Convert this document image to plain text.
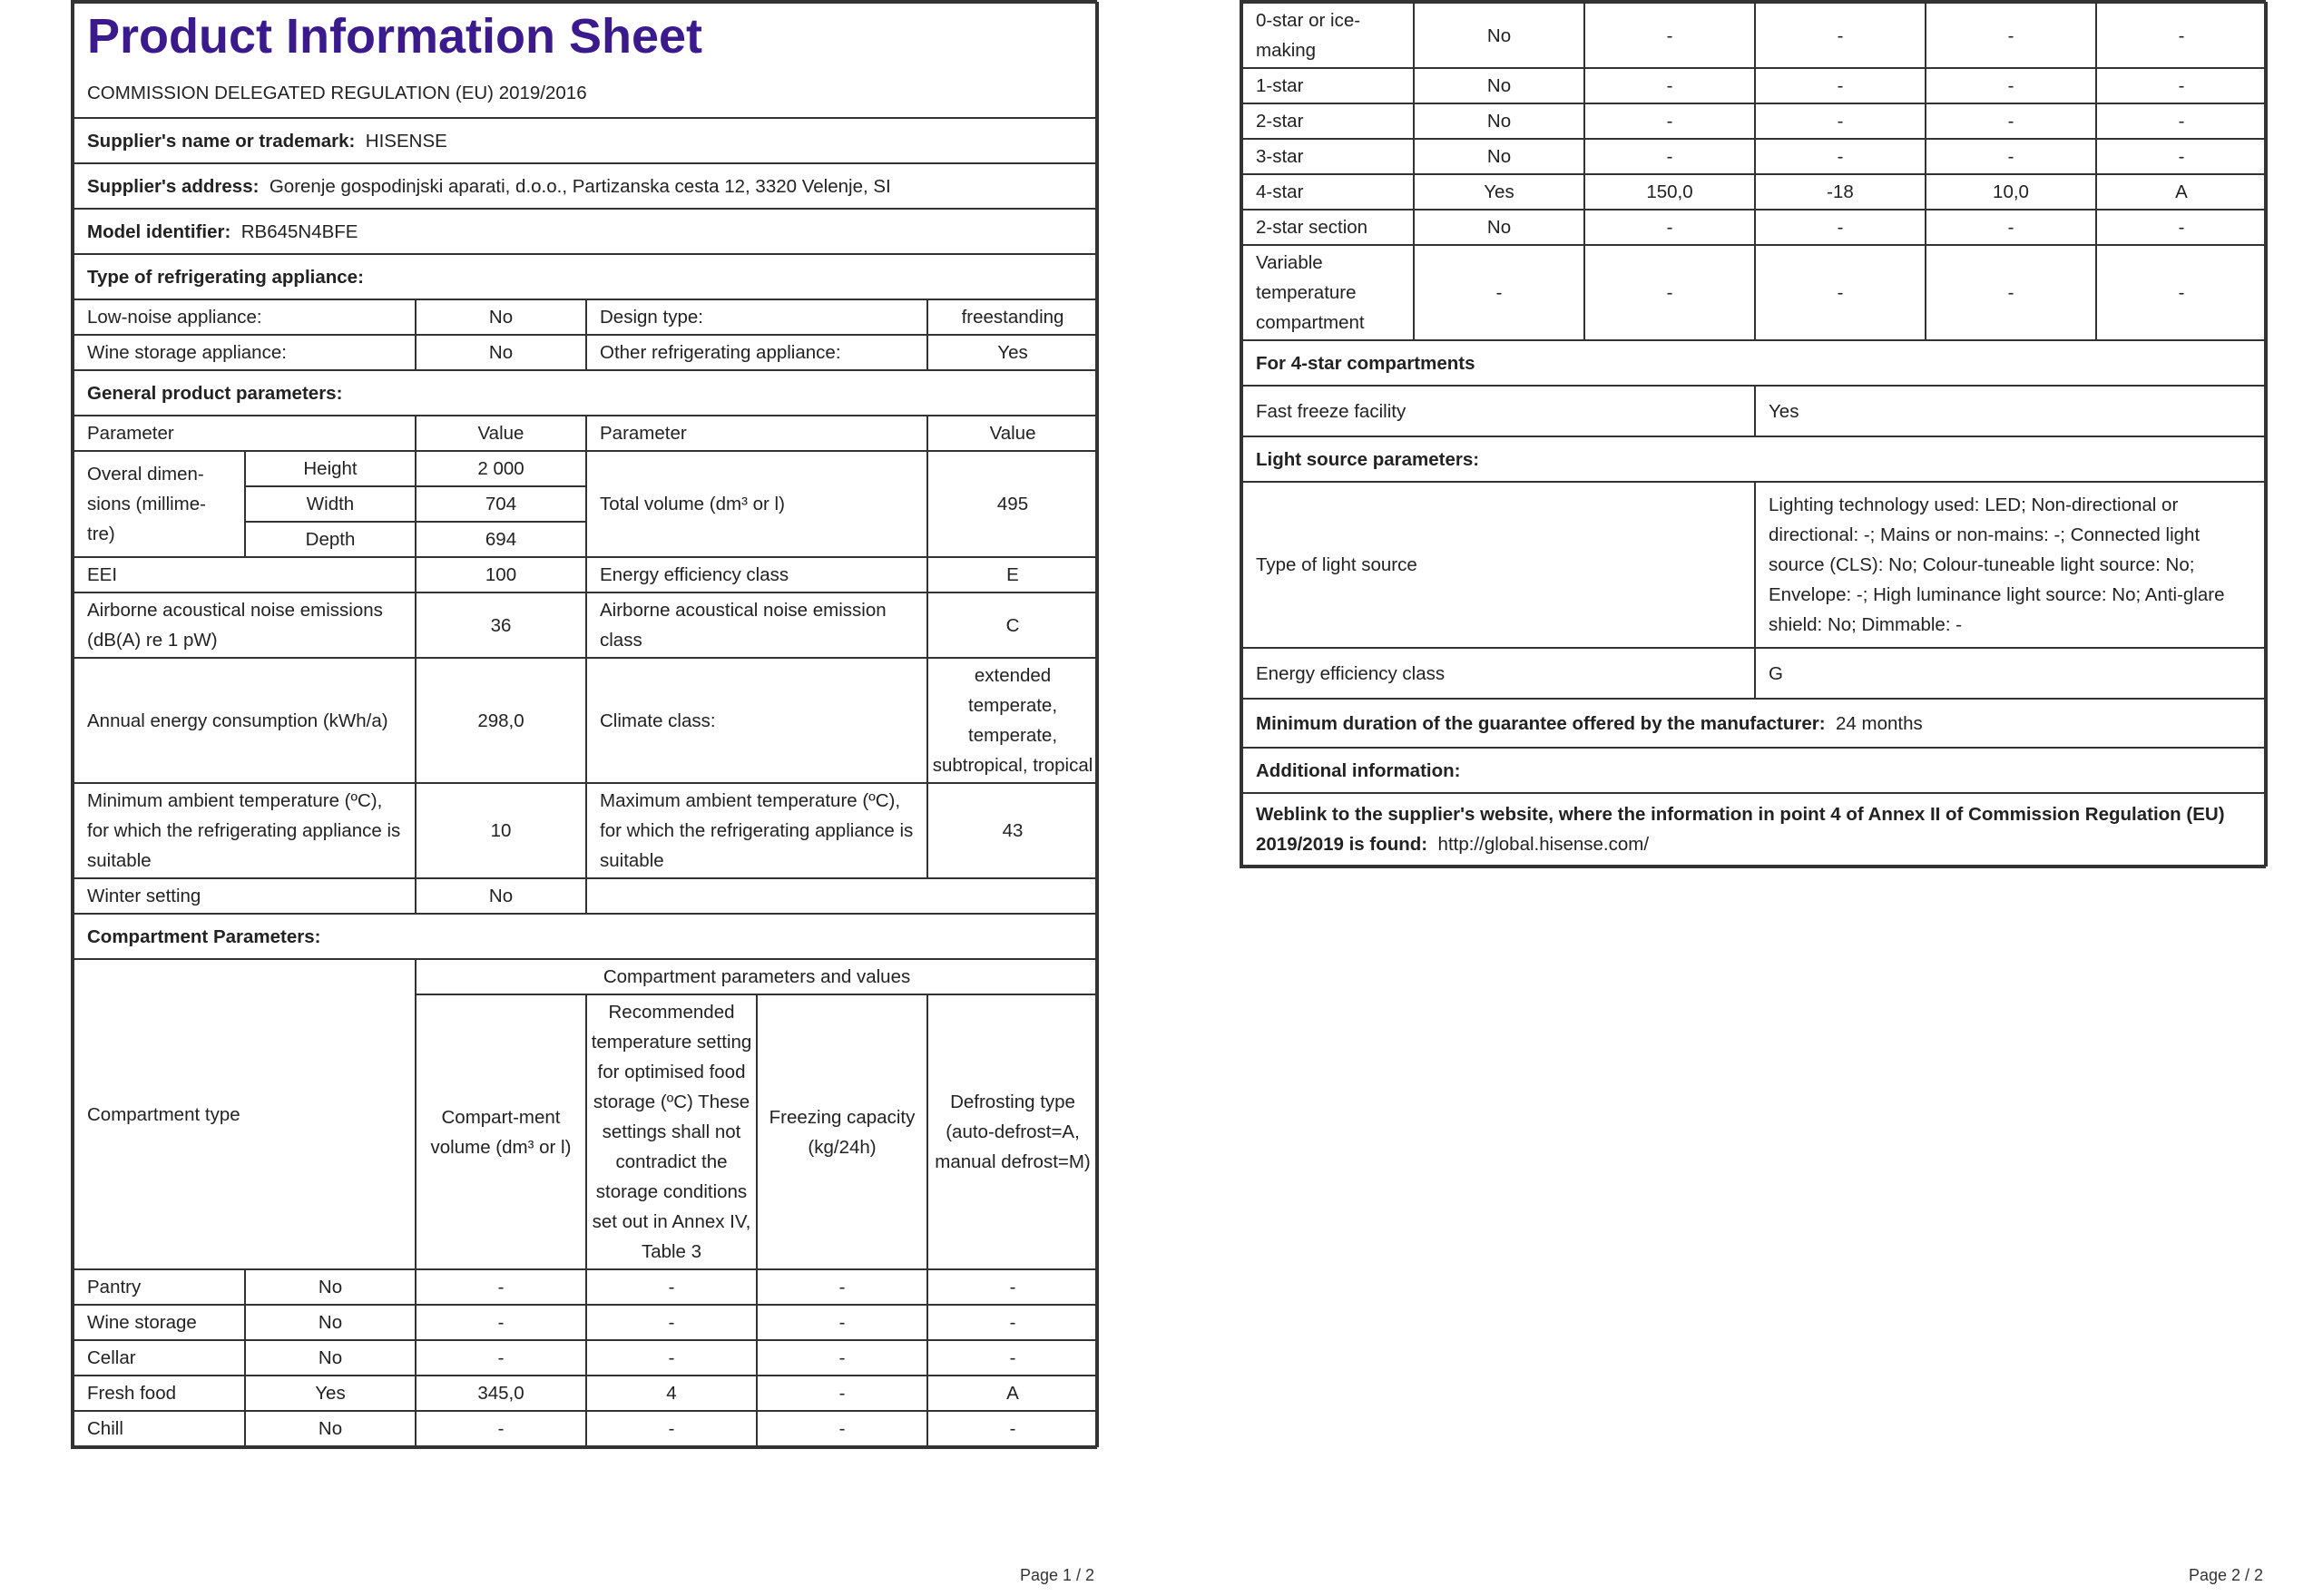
Product Information Sheet
COMMISSION DELEGATED REGULATION (EU) 2019/2016					

Supplier's name or trademark: HISENSE					
Supplier's address: Gorenje gospodinjski aparati, d.o.o., Partizanska cesta 12, 3320 Velenje, SI					
Model identifier: RB645N4BFE					
Type of refrigerating appliance:					
Low-noise appliance:		No	Design type:		freestanding
Wine storage appliance:		No	Other refrigerating appliance:		Yes
General product parameters:					
Parameter		Value	Parameter		Value
Overal dimen-sions (millime-tre)	Height	2 000	Total volume (dm³ or l)		495
	Width	704			
	Depth	694			
EEI		100	Energy efficiency class		E
Airborne acoustical noise emissions (dB(A) re 1 pW)		36	Airborne acoustical noise emission class		C
Annual energy consumption (kWh/a)		298,0	Climate class:		extended temperate, temperate, subtropical, tropical
Minimum ambient temperature (ºC), for which the refrigerating appliance is suitable		10	Maximum ambient temperature (ºC), for which the refrigerating appliance is suitable		43
Winter setting		No			
Compartment Parameters:					
Compartment type		Compartment parameters and values			
		Compart-ment volume (dm³ or l)	Recommended temperature setting for optimised food storage (ºC) These settings shall not contradict the storage conditions set out in Annex IV, Table 3	Freezing capacity (kg/24h)	Defrosting type (auto-defrost=A, manual defrost=M)
Pantry	No	-	-	-	-
Wine storage	No	-	-	-	-
Cellar	No	-	-	-	-
Fresh food	Yes	345,0	4	-	A
Chill	No	-	-	-	-
0-star or ice-making	No	-	-	-	-
1-star	No	-	-	-	-
2-star	No	-	-	-	-
3-star	No	-	-	-	-
4-star	Yes	150,0	-18	10,0	A
2-star section	No	-	-	-	-
Variable temperature compartment	-	-	-	-	-
For 4-star compartments					
Fast freeze facility			Yes		
Light source parameters:					
Type of light source			Lighting technology used: LED; Non-directional or directional: -; Mains or non-mains: -; Connected light source (CLS): No; Colour-tuneable light source: No; Envelope: -; High luminance light source: No; Anti-glare shield: No; Dimmable: -		
Energy efficiency class			G		
Minimum duration of the guarantee offered by the manufacturer: 24 months					
Additional information:					
Weblink to the supplier's website, where the information in point 4 of Annex II of Commission Regulation (EU) 2019/2019 is found: http://global.hisense.com/					
Page 1 / 2	Page 2 / 2
